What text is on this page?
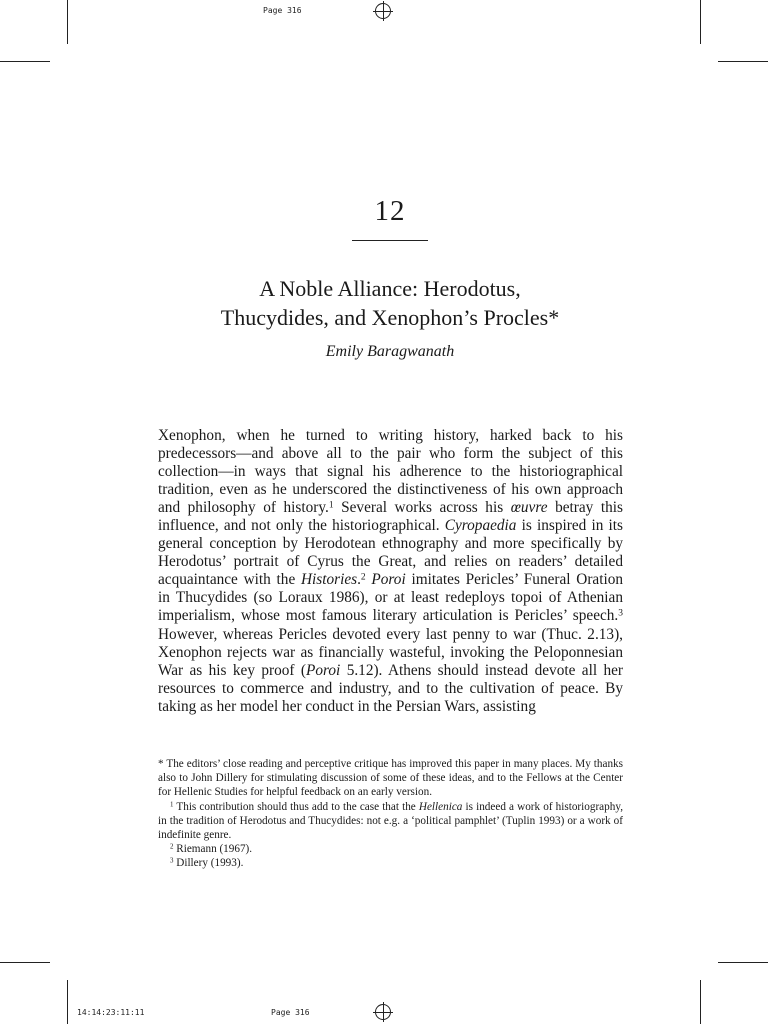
Page 316
14:14:23:11:11	Page 316
12
A Noble Alliance: Herodotus,
Thucydides, and Xenophon’s Procles*
Emily Baragwanath

Xenophon, when he turned to writing history, harked back to his predecessors—and above all to the pair who form the subject of this collection—in ways that signal his adherence to the historiographical tradition, even as he underscored the distinctiveness of his own approach and philosophy of history.$^1$ Several works across his œuvre betray this influence, and not only the historiographical. Cyropaedia is inspired in its general conception by Herodotean ethnography and more specifically by Herodotus’ portrait of Cyrus the Great, and relies on readers’ detailed acquaintance with the Histories.$^2$ Poroi imitates Pericles’ Funeral Oration in Thucydides (so Loraux 1986), or at least redeploys topoi of Athenian imperialism, whose most famous literary articulation is Pericles’ speech.$^3$ However, whereas Pericles devoted every last penny to war (Thuc. 2.13), Xenophon rejects war as financially wasteful, invoking the Peloponnesian War as his key proof (Poroi 5.12). Athens should instead devote all her resources to commerce and industry, and to the cultivation of peace. By taking as her model her conduct in the Persian Wars, assisting

* The editors’ close reading and perceptive critique has improved this paper in many places. My thanks also to John Dillery for stimulating discussion of some of these ideas, and to the Fellows at the Center for Hellenic Studies for helpful feedback on an early version.

$^1$ This contribution should thus add to the case that the Hellenica is indeed a work of historiography, in the tradition of Herodotus and Thucydides: not e.g. a ‘political pamphlet’ (Tuplin 1993) or a work of indefinite genre.

$^2$ Riemann (1967).

$^3$ Dillery (1993).
